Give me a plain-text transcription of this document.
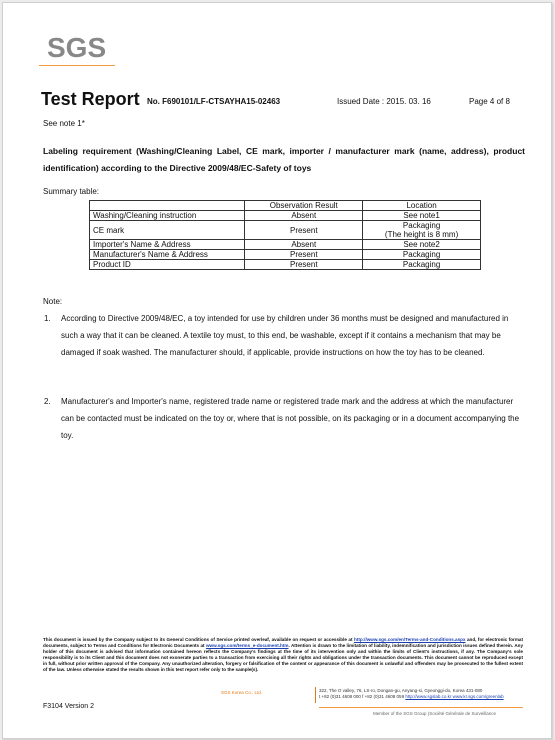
SGS
Test Report No. F690101/LF-CTSAYHA15-02463	Issued Date : 2015. 03. 16	Page 4 of 8
See note 1*
Labeling requirement (Washing/Cleaning Label, CE mark, importer / manufacturer mark (name, address), product identification) according to the Directive 2009/48/EC-Safety of toys
Summary table:
	Observation Result	Location
Washing/Cleaning instruction	Absent	See note1
CE mark	Present	Packaging
(The height is 8 mm)

Importer's Name & Address	Absent	See note2
Manufacturer's Name & Address	Present	Packaging
Product ID	Present	Packaging
Note:
1. According to Directive 2009/48/EC, a toy intended for use by children under 36 months must be designed and manufactured in such a way that it can be cleaned. A textile toy must, to this end, be washable, except if it contains a mechanism that may be damaged if soak washed. The manufacturer should, if applicable, provide instructions on how the toy has to be cleaned.
2. Manufacturer's and Importer's name, registered trade name or registered trade mark and the address at which the manufacturer can be contacted must be indicated on the toy or, where that is not possible, on its packaging or in a document accompanying the toy.
This document is issued by the Company subject to its General Conditions of Service printed overleaf, available on request or accessible at http://www.sgs.com/en/Terms-and-Conditions.aspx and, for electronic format documents, subject to Terms and Conditions for Electronic Documents at www.sgs.com/terms_e-document.htm. Attention is drawn to the limitation of liability, indemnification and jurisdiction issues defined therein. Any holder of this document is advised that information contained hereon reflects the Company's findings at the time of its intervention only and within the limits of Client's instructions, if any. The Company's sole responsibility is to its Client and this document does not exonerate parties to a transaction from exercising all their rights and obligations under the transaction documents. This document cannot be reproduced except in full, without prior written approval of the Company. Any unauthorized alteration, forgery or falsification of the content or appearance of this document is unlawful and offenders may be prosecuted to the fullest extent of the law. Unless otherwise stated the results shown in this test report refer only to the sample(s).
SGS Korea Co., Ltd.	322, The O valley, 76, LS-ro, Dongan-gu, Anyang-si, Gyeonggi-do, Korea 431-080
t +82 (0)31 4608 000 f +82 (0)31 4608 059 http://www.sgslab.co.kr www.kr.sgs.com/greenlab
F3104 Version 2
Member of the SGS Group (Société Générale de Surveillance
